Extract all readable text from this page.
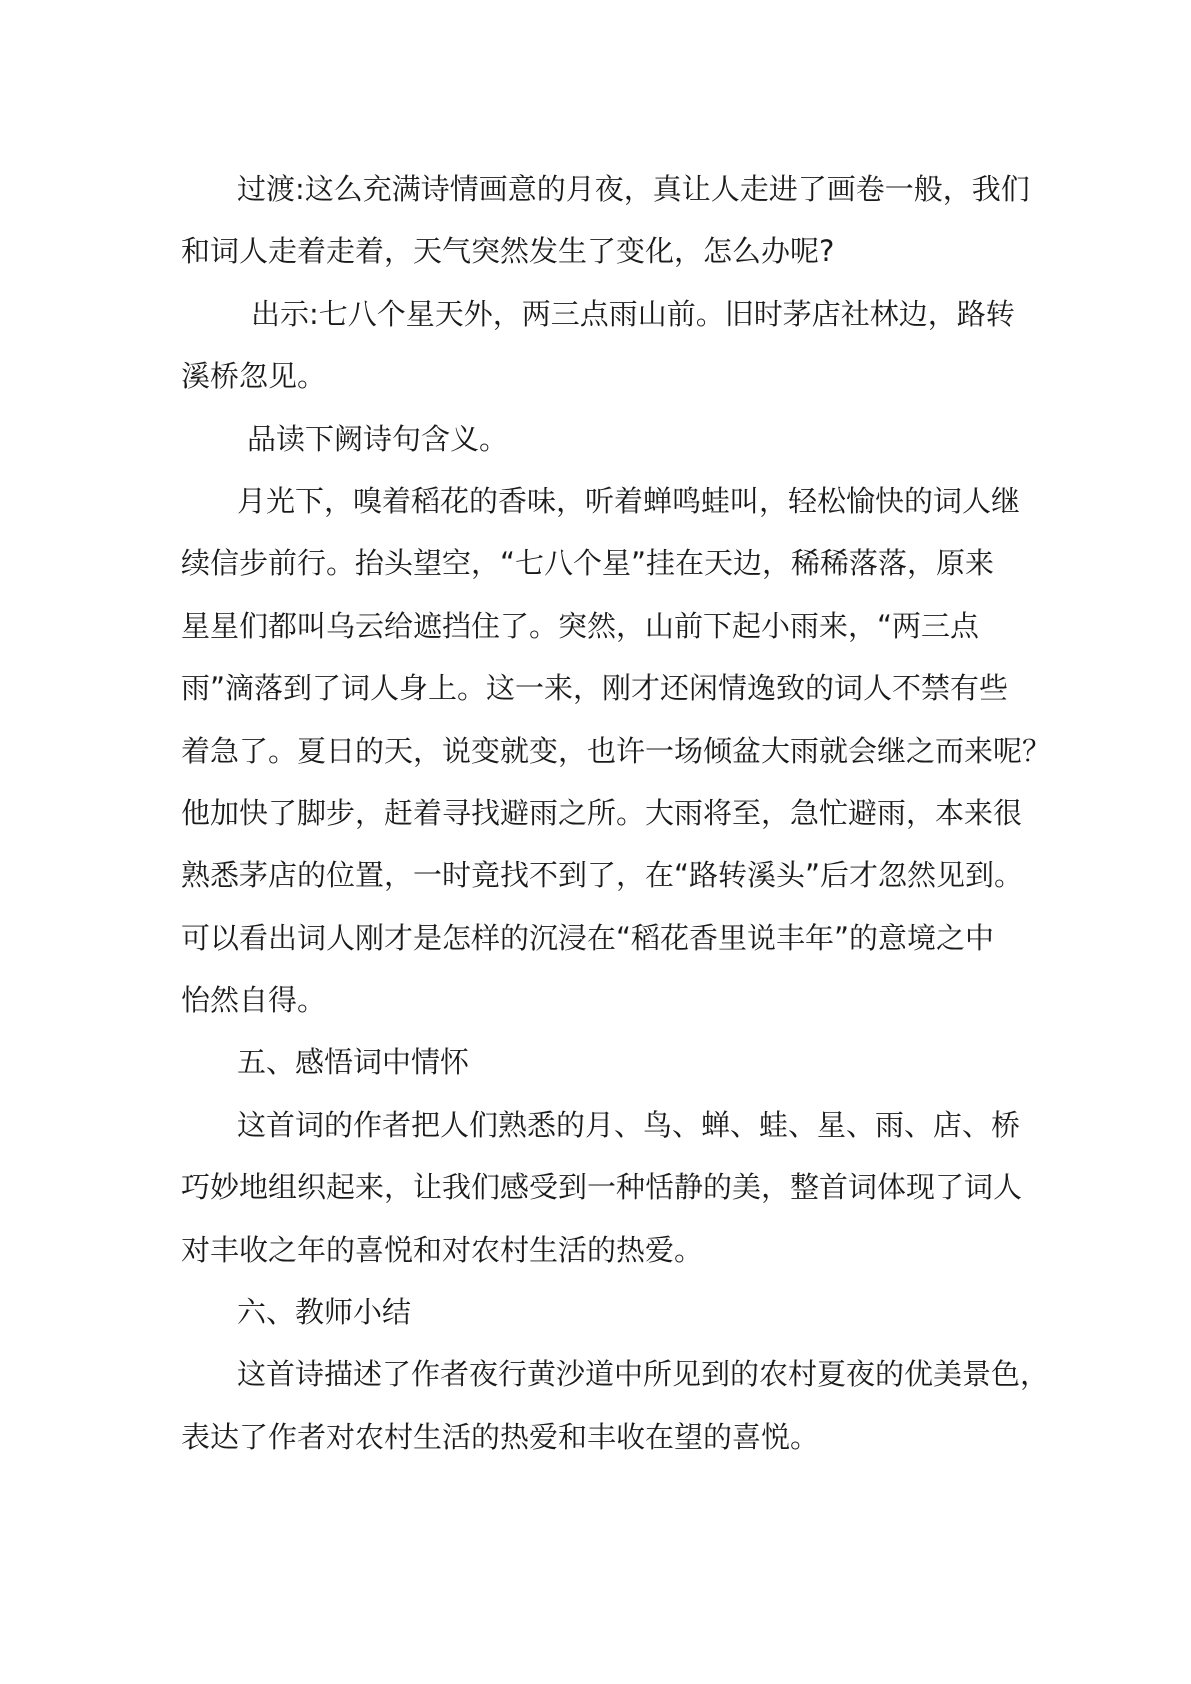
过渡:这么充满诗情画意的月夜，真让人走进了画卷一般，我们
和词人走着走着，天气突然发生了变化，怎么办呢?
出示:七八个星天外，两三点雨山前。旧时茅店社林边，路转
溪桥忽见。
品读下阙诗句含义。
月光下，嗅着稻花的香味，听着蝉鸣蛙叫，轻松愉快的词人继
续信步前行。抬头望空，“七八个星”挂在天边，稀稀落落，原来
星星们都叫乌云给遮挡住了。突然，山前下起小雨来，“两三点
雨”滴落到了词人身上。这一来，刚才还闲情逸致的词人不禁有些
着急了。夏日的天，说变就变，也许一场倾盆大雨就会继之而来呢？
他加快了脚步，赶着寻找避雨之所。大雨将至，急忙避雨，本来很
熟悉茅店的位置，一时竟找不到了，在“路转溪头”后才忽然见到。
可以看出词人刚才是怎样的沉浸在“稻花香里说丰年”的意境之中
怡然自得。
五、感悟词中情怀
这首词的作者把人们熟悉的月、鸟、蝉、蛙、星、雨、店、桥
巧妙地组织起来，让我们感受到一种恬静的美，整首词体现了词人
对丰收之年的喜悦和对农村生活的热爱。
六、教师小结
这首诗描述了作者夜行黄沙道中所见到的农村夏夜的优美景色，
表达了作者对农村生活的热爱和丰收在望的喜悦。
